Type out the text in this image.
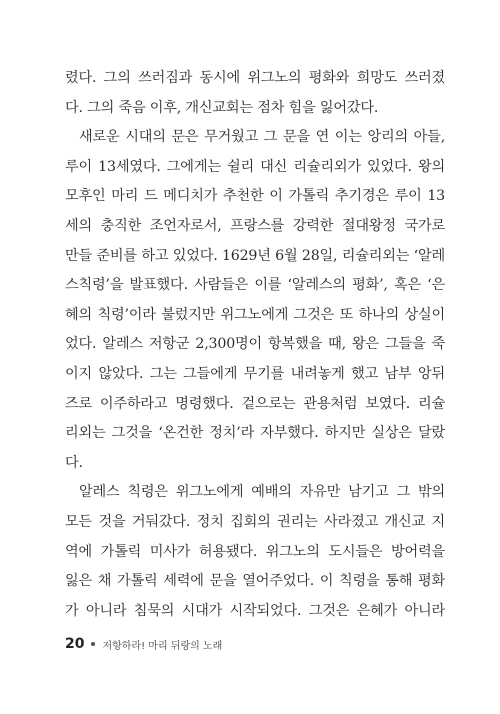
렸다. 그의 쓰러짐과 동시에 위그노의 평화와 희망도 쓰러졌
다. 그의 죽음 이후, 개신교회는 점차 힘을 잃어갔다.
새로운 시대의 문은 무거웠고 그 문을 연 이는 앙리의 아들,
루이 13세였다. 그에게는 쉴리 대신 리슐리외가 있었다. 왕의
모후인 마리 드 메디치가 추천한 이 가톨릭 추기경은 루이 13
세의 충직한 조언자로서, 프랑스를 강력한 절대왕정 국가로
만들 준비를 하고 있었다. 1629년 6월 28일, 리슐리외는 ‘알레
스칙령’을 발표했다. 사람들은 이를 ‘알레스의 평화’, 혹은 ‘은
혜의 칙령’이라 불렀지만 위그노에게 그것은 또 하나의 상실이
었다. 알레스 저항군 2,300명이 항복했을 때, 왕은 그들을 죽
이지 않았다. 그는 그들에게 무기를 내려놓게 했고 남부 앙뒤
즈로 이주하라고 명령했다. 겉으로는 관용처럼 보였다. 리슐
리외는 그것을 ‘온건한 정치’라 자부했다. 하지만 실상은 달랐
다.
알레스 칙령은 위그노에게 예배의 자유만 남기고 그 밖의
모든 것을 거둬갔다. 정치 집회의 권리는 사라졌고 개신교 지
역에 가톨릭 미사가 허용됐다. 위그노의 도시들은 방어력을
잃은 채 가톨릭 세력에 문을 열어주었다. 이 칙령을 통해 평화
가 아니라 침묵의 시대가 시작되었다. 그것은 은혜가 아니라
20 저항하라! 마리 뒤랑의 노래
